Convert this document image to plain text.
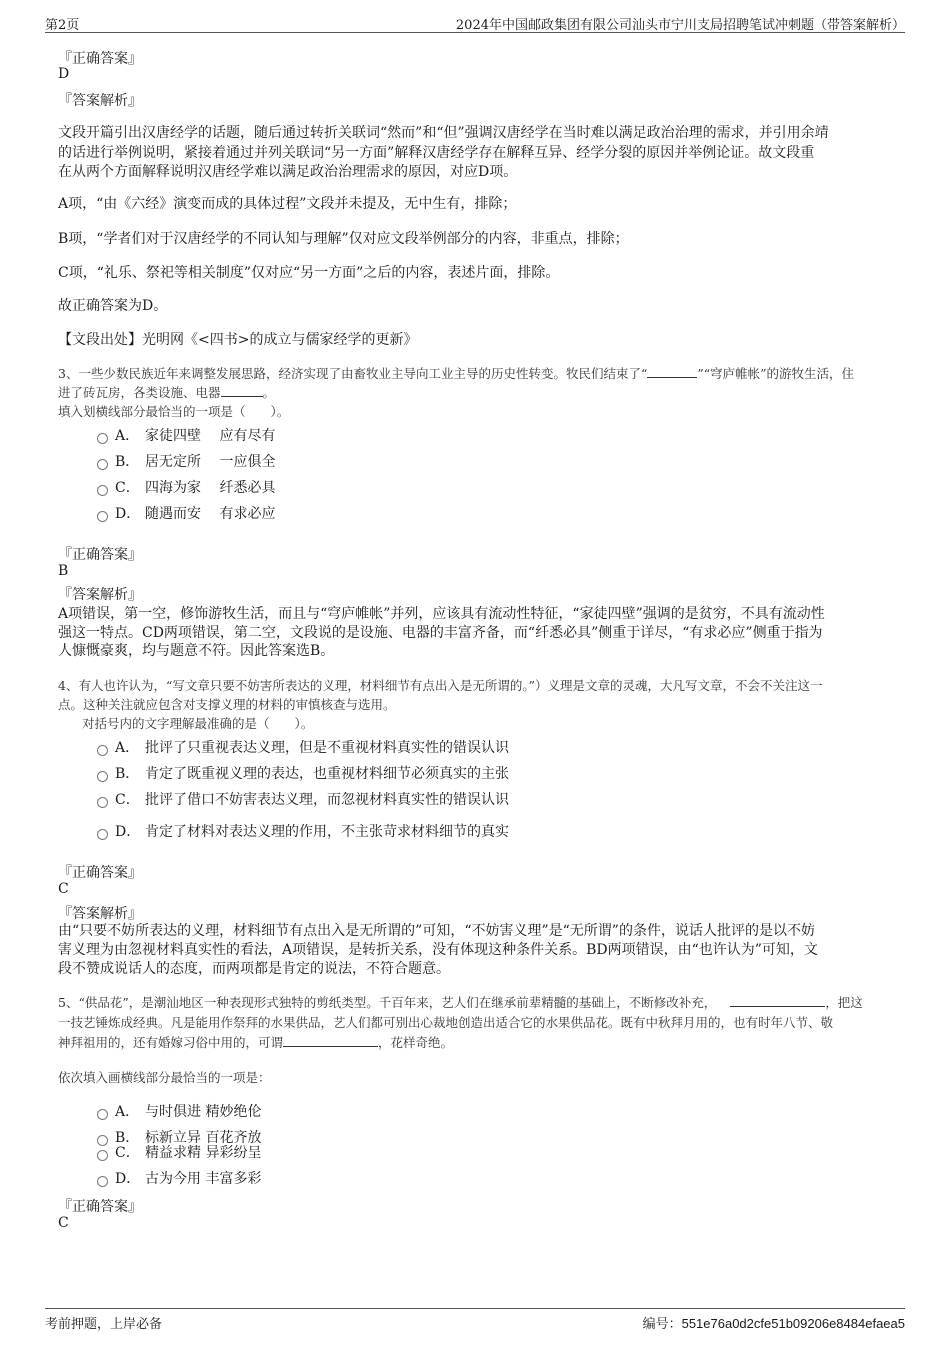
第2页	2024年中国邮政集团有限公司汕头市宁川支局招聘笔试冲刺题（带答案解析）
『正确答案』
D
『答案解析』
文段开篇引出汉唐经学的话题，随后通过转折关联词“然而”和“但”强调汉唐经学在当时难以满足政治治理的需求，并引用余靖
的话进行举例说明，紧接着通过并列关联词“另一方面”解释汉唐经学存在解释互异、经学分裂的原因并举例论证。故文段重
在从两个方面解释说明汉唐经学难以满足政治治理需求的原因，对应D项。
A项，“由《六经》演变而成的具体过程”文段并未提及，无中生有，排除；
B项，“学者们对于汉唐经学的不同认知与理解”仅对应文段举例部分的内容，非重点，排除；
C项，“礼乐、祭祀等相关制度”仅对应“另一方面”之后的内容，表述片面，排除。
故正确答案为D。
【文段出处】光明网《<四书>的成立与儒家经学的更新》
3、一些少数民族近年来调整发展思路，经济实现了由畜牧业主导向工业主导的历史性转变。牧民们结束了“	”“穹庐帷帐”的游牧生活，住
进了砖瓦房，各类设施、电器	。
填入划横线部分最恰当的一项是（　　）。
A． 家徒四壁　 应有尽有
B． 居无定所　 一应俱全
C． 四海为家　 纤悉必具
D． 随遇而安　 有求必应
『正确答案』
B
『答案解析』
A项错误，第一空，修饰游牧生活，而且与“穹庐帷帐”并列，应该具有流动性特征，“家徒四壁”强调的是贫穷，不具有流动性
强这一特点。CD两项错误，第二空，文段说的是设施、电器的丰富齐备，而“纤悉必具”侧重于详尽，“有求必应”侧重于指为
人慷慨豪爽，均与题意不符。因此答案选B。
4、有人也许认为，“写文章只要不妨害所表达的义理，材料细节有点出入是无所谓的。”）义理是文章的灵魂，大凡写文章，不会不关注这一
点。这种关注就应包含对支撑义理的材料的审慎核查与选用。
对括号内的文字理解最准确的是（　　）。
A． 批评了只重视表达义理，但是不重视材料真实性的错误认识
B． 肯定了既重视义理的表达，也重视材料细节必须真实的主张
C． 批评了借口不妨害表达义理，而忽视材料真实性的错误认识
D． 肯定了材料对表达义理的作用，不主张苛求材料细节的真实
『正确答案』
C
『答案解析』
由“只要不妨所表达的义理，材料细节有点出入是无所谓的”可知，“不妨害义理”是“无所谓”的条件，说话人批评的是以不妨
害义理为由忽视材料真实性的看法，A项错误，是转折关系，没有体现这种条件关系。BD两项错误，由“也许认为”可知，文
段不赞成说话人的态度，而两项都是肯定的说法，不符合题意。
5、“供品花”，是潮汕地区一种表现形式独特的剪纸类型。千百年来，艺人们在继承前辈精髓的基础上，不断修改补充，	，把这
一技艺锤炼成经典。凡是能用作祭拜的水果供品，艺人们都可别出心裁地创造出适合它的水果供品花。既有中秋拜月用的，也有时年八节、敬
神拜祖用的，还有婚嫁习俗中用的，可谓	，花样奇绝。
依次填入画横线部分最恰当的一项是：
A． 与时俱进 精妙绝伦
B． 标新立异 百花齐放
C． 精益求精 异彩纷呈
D． 古为今用 丰富多彩
『正确答案』
C
考前押题，上岸必备	编号：551e76a0d2cfe51b09206e8484efaea5
